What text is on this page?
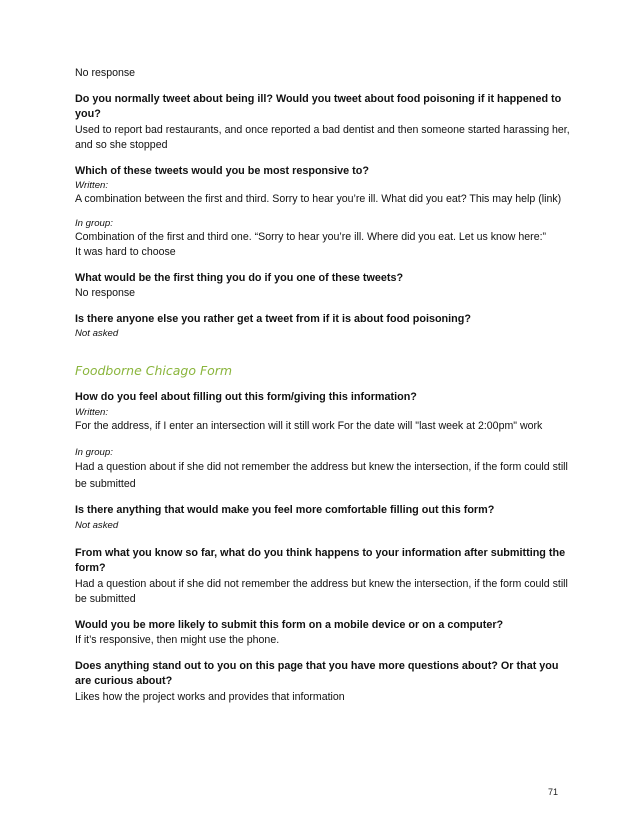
No response
Do you normally tweet about being ill? Would you tweet about food poisoning if it happened to you?
Used to report bad restaurants, and once reported a bad dentist and then someone started harassing her, and so she stopped
Which of these tweets would you be most responsive to?
Written:
A combination between the first and third. Sorry to hear you’re ill. What did you eat? This may help (link)
In group:
Combination of the first and third one. “Sorry to hear you’re ill. Where did you eat. Let us know here:”
It was hard to choose
What would be the first thing you do if you one of these tweets?
No response
Is there anyone else you rather get a tweet from if it is about food poisoning?
Not asked
Foodborne Chicago Form
How do you feel about filling out this form/giving this information?
Written:
For the address, if I enter an intersection will it still work For the date will "last week at 2:00pm" work
In group:
Had a question about if she did not remember the address but knew the intersection, if the form could still be submitted
Is there anything that would make you feel more comfortable filling out this form?
Not asked
From what you know so far, what do you think happens to your information after submitting the form?
Had a question about if she did not remember the address but knew the intersection, if the form could still be submitted
Would you be more likely to submit this form on a mobile device or on a computer?
If it’s responsive, then might use the phone.
Does anything stand out to you on this page that you have more questions about? Or that you are curious about?
Likes how the project works and provides that information
71
